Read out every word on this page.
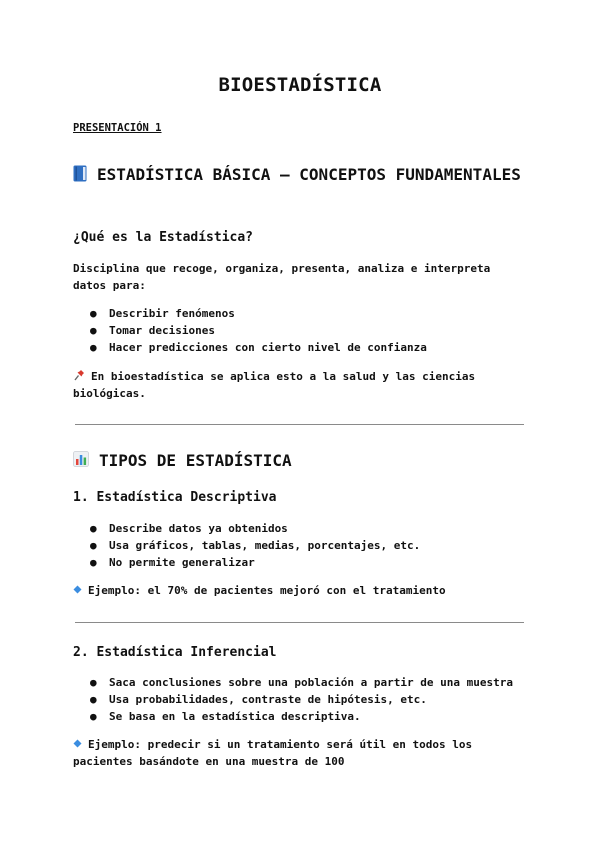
BIOESTADÍSTICA

PRESENTACIÓN 1

ESTADÍSTICA BÁSICA — CONCEPTOS FUNDAMENTALES
¿Qué es la Estadística?

Disciplina que recoge, organiza, presenta, analiza e interpreta datos para:

● Describir fenómenos
● Tomar decisiones
● Hacer predicciones con cierto nivel de confianza

En bioestadística se aplica esto a la salud y las ciencias biológicas.

TIPOS DE ESTADÍSTICA
1. Estadística Descriptiva
● Describe datos ya obtenidos
● Usa gráficos, tablas, medias, porcentajes, etc.
● No permite generalizar

Ejemplo: el 70% de pacientes mejoró con el tratamiento

2. Estadística Inferencial
● Saca conclusiones sobre una población a partir de una muestra
● Usa probabilidades, contraste de hipótesis, etc.
● Se basa en la estadística descriptiva.

Ejemplo: predecir si un tratamiento será útil en todos los pacientes basándote en una muestra de 100
